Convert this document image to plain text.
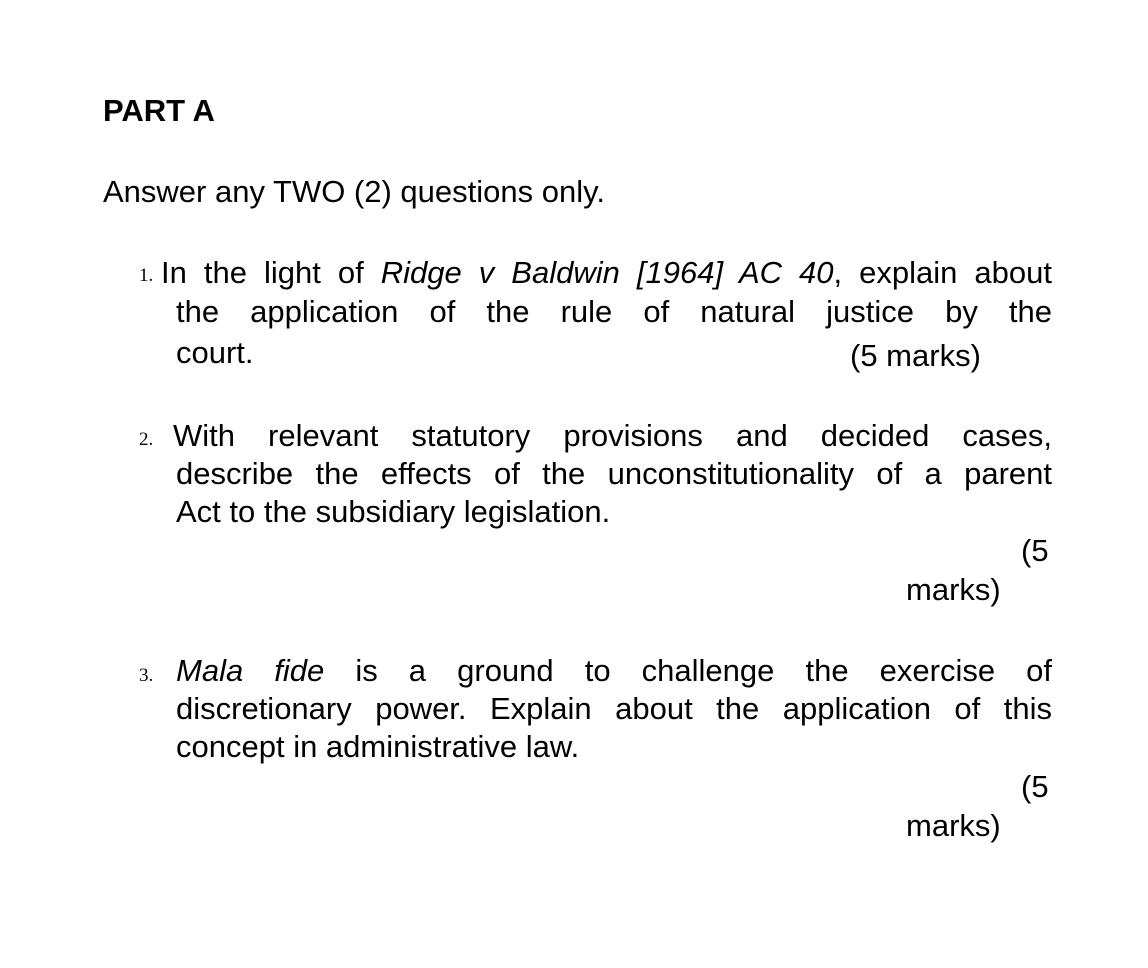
PART A
Answer any TWO (2) questions only.
1. In the light of Ridge v Baldwin [1964] AC 40, explain about
the application of the rule of natural justice by the
court.	(5 marks)
2. With relevant statutory provisions and decided cases,
describe the effects of the unconstitutionality of a parent
Act to the subsidiary legislation.
(5
marks)
3. Mala fide is a ground to challenge the exercise of
discretionary power. Explain about the application of this
concept in administrative law.
(5
marks)
